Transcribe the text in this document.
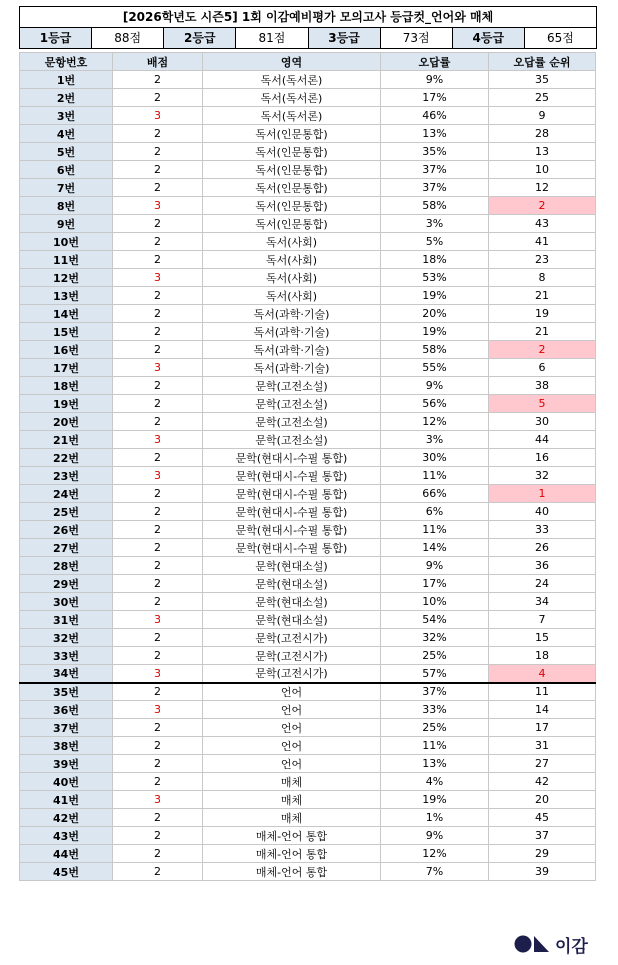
[2026학년도 시즌5] 1회 이감예비평가 모의고사 등급컷_언어와 매체
1등급	88점	2등급	81점	3등급	73점	4등급	65점
문항번호	배점	영역	오답률	오답률 순위
1번	2	독서(독서론)	9%	35
2번	2	독서(독서론)	17%	25
3번	3	독서(독서론)	46%	9
4번	2	독서(인문통합)	13%	28
5번	2	독서(인문통합)	35%	13
6번	2	독서(인문통합)	37%	10
7번	2	독서(인문통합)	37%	12
8번	3	독서(인문통합)	58%	2
9번	2	독서(인문통합)	3%	43
10번	2	독서(사회)	5%	41
11번	2	독서(사회)	18%	23
12번	3	독서(사회)	53%	8
13번	2	독서(사회)	19%	21
14번	2	독서(과학·기술)	20%	19
15번	2	독서(과학·기술)	19%	21
16번	2	독서(과학·기술)	58%	2
17번	3	독서(과학·기술)	55%	6
18번	2	문학(고전소설)	9%	38
19번	2	문학(고전소설)	56%	5
20번	2	문학(고전소설)	12%	30
21번	3	문학(고전소설)	3%	44
22번	2	문학(현대시-수필 통합)	30%	16
23번	3	문학(현대시-수필 통합)	11%	32
24번	2	문학(현대시-수필 통합)	66%	1
25번	2	문학(현대시-수필 통합)	6%	40
26번	2	문학(현대시-수필 통합)	11%	33
27번	2	문학(현대시-수필 통합)	14%	26
28번	2	문학(현대소설)	9%	36
29번	2	문학(현대소설)	17%	24
30번	2	문학(현대소설)	10%	34
31번	3	문학(현대소설)	54%	7
32번	2	문학(고전시가)	32%	15
33번	2	문학(고전시가)	25%	18
34번	3	문학(고전시가)	57%	4
35번	2	언어	37%	11
36번	3	언어	33%	14
37번	2	언어	25%	17
38번	2	언어	11%	31
39번	2	언어	13%	27
40번	2	매체	4%	42
41번	3	매체	19%	20
42번	2	매체	1%	45
43번	2	매체-언어 통합	9%	37
44번	2	매체-언어 통합	12%	29
45번	2	매체-언어 통합	7%	39
이감
